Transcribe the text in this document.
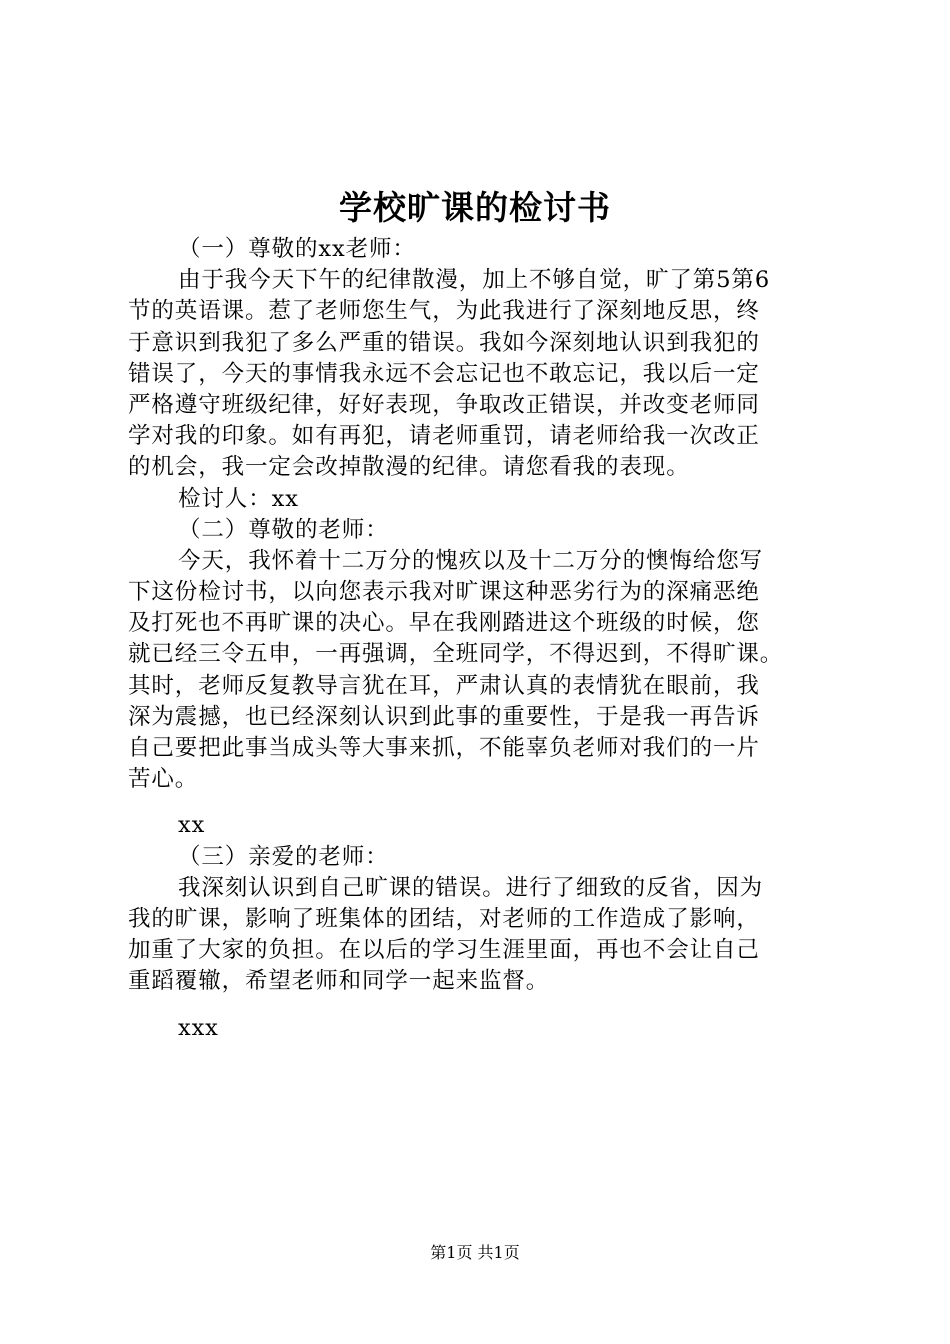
学校旷课的检讨书
（一）尊敬的xx老师：
由于我今天下午的纪律散漫，加上不够自觉，旷了第5第6
节的英语课。惹了老师您生气，为此我进行了深刻地反思，终
于意识到我犯了多么严重的错误。我如今深刻地认识到我犯的
错误了，今天的事情我永远不会忘记也不敢忘记，我以后一定
严格遵守班级纪律，好好表现，争取改正错误，并改变老师同
学对我的印象。如有再犯，请老师重罚，请老师给我一次改正
的机会，我一定会改掉散漫的纪律。请您看我的表现。
检讨人：xx
（二）尊敬的老师：
今天，我怀着十二万分的愧疚以及十二万分的懊悔给您写
下这份检讨书，以向您表示我对旷课这种恶劣行为的深痛恶绝
及打死也不再旷课的决心。早在我刚踏进这个班级的时候，您
就已经三令五申，一再强调，全班同学，不得迟到，不得旷课。
其时，老师反复教导言犹在耳，严肃认真的表情犹在眼前，我
深为震撼，也已经深刻认识到此事的重要性，于是我一再告诉
自己要把此事当成头等大事来抓，不能辜负老师对我们的一片
苦心。
xx
（三）亲爱的老师：
我深刻认识到自己旷课的错误。进行了细致的反省，因为
我的旷课，影响了班集体的团结，对老师的工作造成了影响，
加重了大家的负担。在以后的学习生涯里面，再也不会让自己
重蹈覆辙，希望老师和同学一起来监督。
xxx
第1页 共1页
